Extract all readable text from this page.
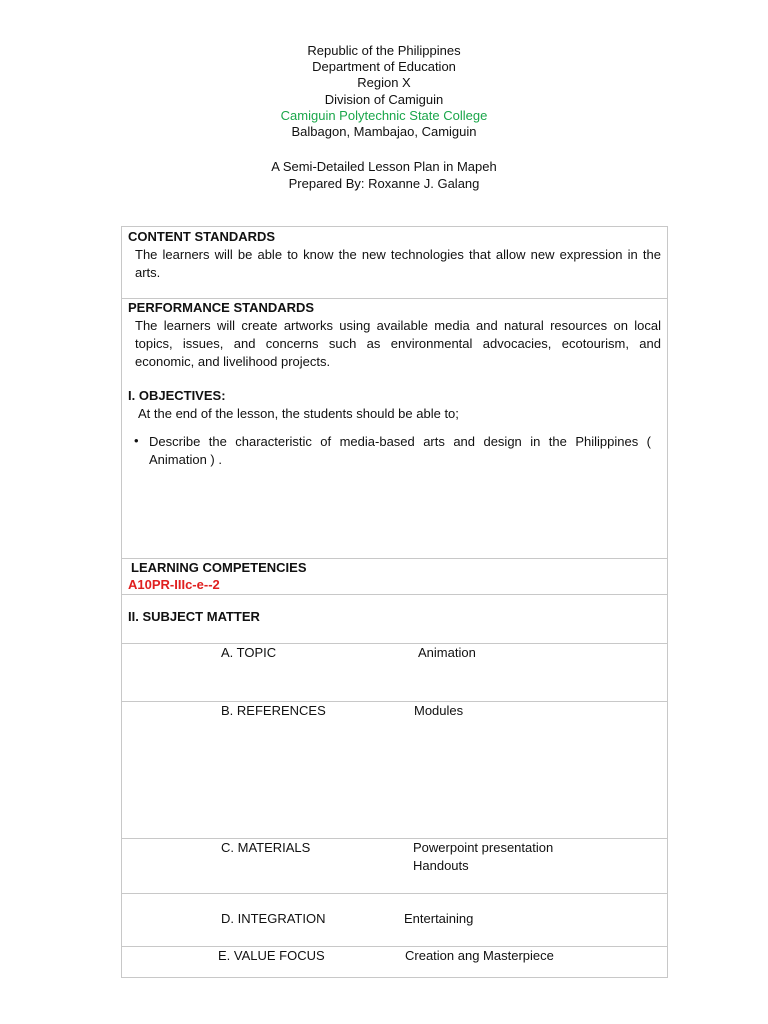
Republic of the Philippines
Department of Education
Region X
Division of Camiguin
Camiguin Polytechnic State College
Balbagon, Mambajao, Camiguin
A Semi-Detailed Lesson Plan in Mapeh
Prepared By: Roxanne J. Galang
CONTENT STANDARDS
The learners will be able to know the new technologies that allow new expression in the arts.
PERFORMANCE STANDARDS
The learners will create artworks using available media and natural resources on local topics, issues, and concerns such as environmental advocacies, ecotourism, and economic, and livelihood projects.
I. OBJECTIVES:
At the end of the lesson, the students should be able to;
• Describe the characteristic of media-based arts and design in the Philippines ( Animation ) .
LEARNING COMPETENCIES
A10PR-IIIc-e--2
II. SUBJECT MATTER
A. TOPIC	Animation
B. REFERENCES	Modules
C. MATERIALS	Powerpoint presentation
Handouts
D. INTEGRATION	Entertaining
E. VALUE FOCUS	Creation ang Masterpiece
